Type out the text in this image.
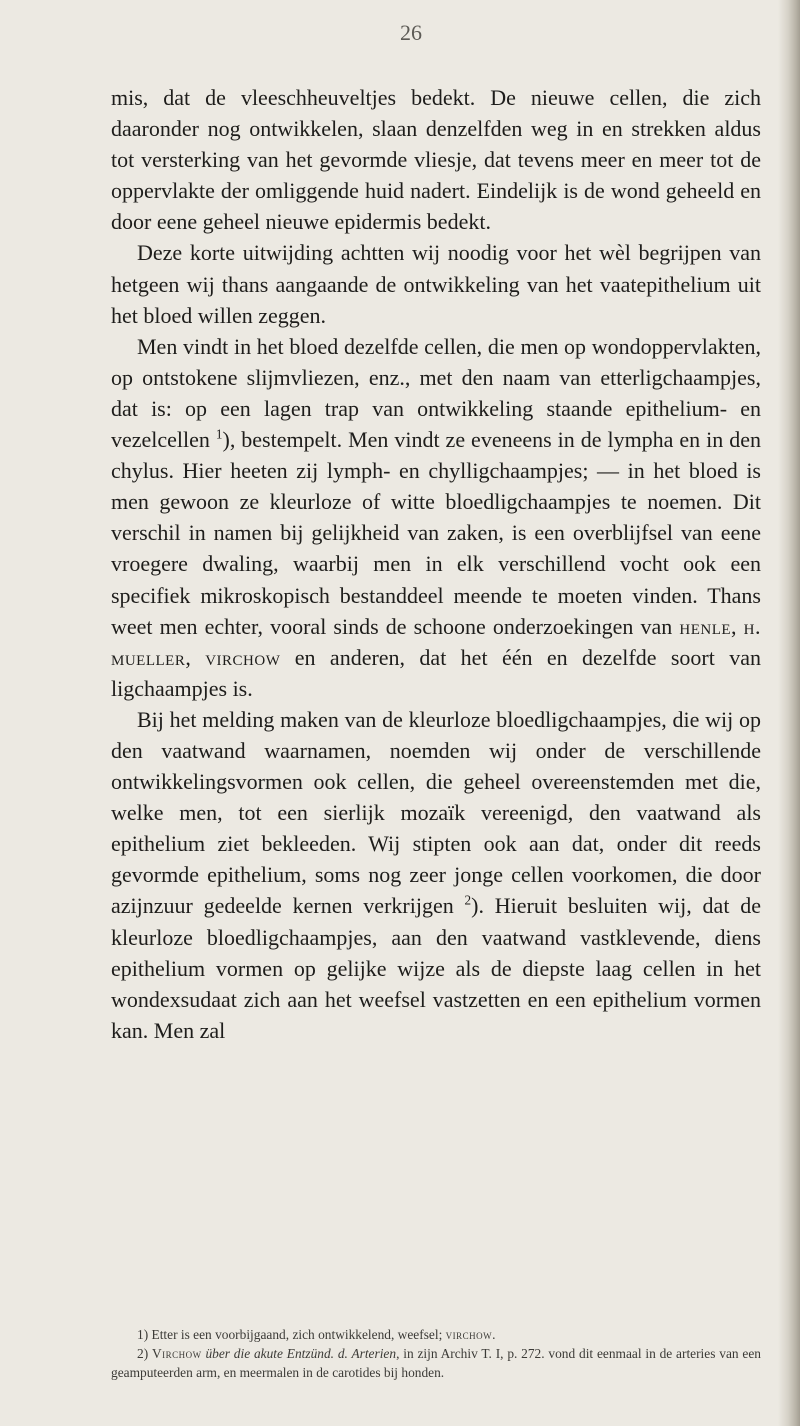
26

mis, dat de vleeschheuveltjes bedekt. De nieuwe cellen, die zich daaronder nog ontwikkelen, slaan denzelfden weg in en strekken aldus tot versterking van het gevormde vliesje, dat tevens meer en meer tot de oppervlakte der omliggende huid nadert. Eindelijk is de wond geheeld en door eene geheel nieuwe epidermis bedekt.

Deze korte uitwijding achtten wij noodig voor het wèl begrijpen van hetgeen wij thans aangaande de ontwikkeling van het vaatepithelium uit het bloed willen zeggen.

Men vindt in het bloed dezelfde cellen, die men op wondoppervlakten, op ontstokene slijmvliezen, enz., met den naam van etterligchaampjes, dat is: op een lagen trap van ontwikkeling staande epithelium- en vezelcellen $^1$), bestempelt. Men vindt ze eveneens in de lympha en in den chylus. Hier heeten zij lymph- en chylligchaampjes; — in het bloed is men gewoon ze kleurloze of witte bloedligchaampjes te noemen. Dit verschil in namen bij gelijkheid van zaken, is een overblijfsel van eene vroegere dwaling, waarbij men in elk verschillend vocht ook een specifiek mikroskopisch bestanddeel meende te moeten vinden. Thans weet men echter, vooral sinds de schoone onderzoekingen van henle, h. mueller, virchow en anderen, dat het één en dezelfde soort van ligchaampjes is.

Bij het melding maken van de kleurloze bloedligchaampjes, die wij op den vaatwand waarnamen, noemden wij onder de verschillende ontwikkelingsvormen ook cellen, die geheel overeenstemden met die, welke men, tot een sierlijk mozaïk vereenigd, den vaatwand als epithelium ziet bekleeden. Wij stipten ook aan dat, onder dit reeds gevormde epithelium, soms nog zeer jonge cellen voorkomen, die door azijnzuur gedeelde kernen verkrijgen $^2$). Hieruit besluiten wij, dat de kleurloze bloedligchaampjes, aan den vaatwand vastklevende, diens epithelium vormen op gelijke wijze als de diepste laag cellen in het wondexsudaat zich aan het weefsel vastzetten en een epithelium vormen kan. Men zal

1) Etter is een voorbijgaand, zich ontwikkelend, weefsel; virchow.

2) Virchow über die akute Entzünd. d. Arterien, in zijn Archiv T. I, p. 272. vond dit eenmaal in de arteries van een geamputeerden arm, en meermalen in de carotides bij honden.
